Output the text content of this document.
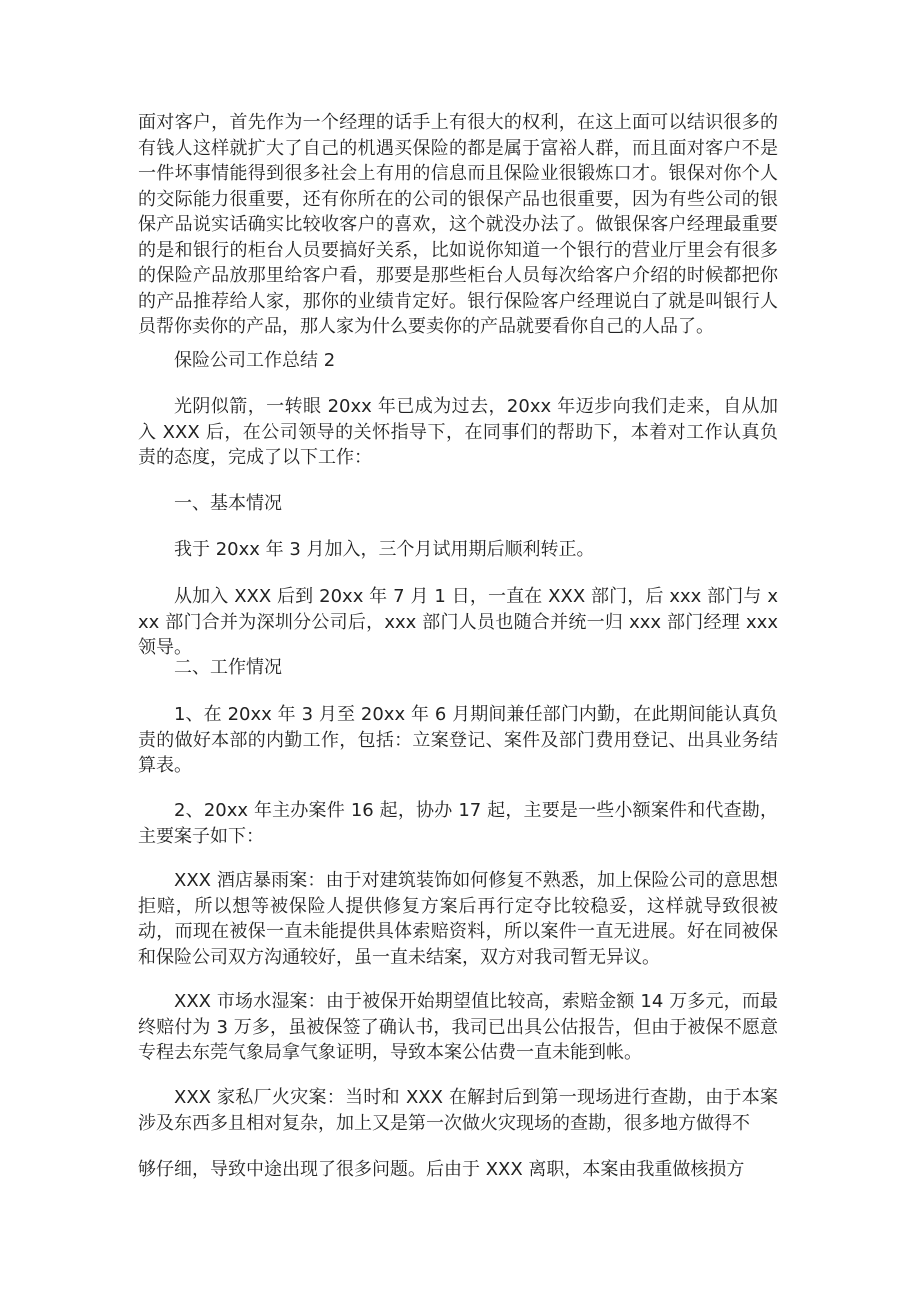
面对客户，首先作为一个经理的话手上有很大的权利，在这上面可以结识很多的有钱人这样就扩大了自己的机遇买保险的都是属于富裕人群，而且面对客户不是一件坏事情能得到很多社会上有用的信息而且保险业很锻炼口才。银保对你个人的交际能力很重要，还有你所在的公司的银保产品也很重要，因为有些公司的银保产品说实话确实比较收客户的喜欢，这个就没办法了。做银保客户经理最重要的是和银行的柜台人员要搞好关系，比如说你知道一个银行的营业厅里会有很多的保险产品放那里给客户看，那要是那些柜台人员每次给客户介绍的时候都把你的产品推荐给人家，那你的业绩肯定好。银行保险客户经理说白了就是叫银行人员帮你卖你的产品，那人家为什么要卖你的产品就要看你自己的人品了。

保险公司工作总结 2

光阴似箭，一转眼 20xx 年已成为过去，20xx 年迈步向我们走来，自从加入 XXX 后，在公司领导的关怀指导下，在同事们的帮助下，本着对工作认真负责的态度，完成了以下工作：

一、基本情况

我于 20xx 年 3 月加入，三个月试用期后顺利转正。

从加入 XXX 后到 20xx 年 7 月 1 日，一直在 XXX 部门，后 xxx 部门与 xxx 部门合并为深圳分公司后，xxx 部门人员也随合并统一归 xxx 部门经理 xxx 领导。

二、工作情况

1、在 20xx 年 3 月至 20xx 年 6 月期间兼任部门内勤，在此期间能认真负责的做好本部的内勤工作，包括：立案登记、案件及部门费用登记、出具业务结算表。

2、20xx 年主办案件 16 起，协办 17 起，主要是一些小额案件和代查勘，主要案子如下：

XXX 酒店暴雨案：由于对建筑装饰如何修复不熟悉，加上保险公司的意思想拒赔，所以想等被保险人提供修复方案后再行定夺比较稳妥，这样就导致很被动，而现在被保一直未能提供具体索赔资料，所以案件一直无进展。好在同被保和保险公司双方沟通较好，虽一直未结案，双方对我司暂无异议。

XXX 市场水湿案：由于被保开始期望值比较高，索赔金额 14 万多元，而最终赔付为 3 万多，虽被保签了确认书，我司已出具公估报告，但由于被保不愿意专程去东莞气象局拿气象证明，导致本案公估费一直未能到帐。

XXX 家私厂火灾案：当时和 XXX 在解封后到第一现场进行查勘，由于本案涉及东西多且相对复杂，加上又是第一次做火灾现场的查勘，很多地方做得不

够仔细，导致中途出现了很多问题。后由于 XXX 离职，本案由我重做核损方
